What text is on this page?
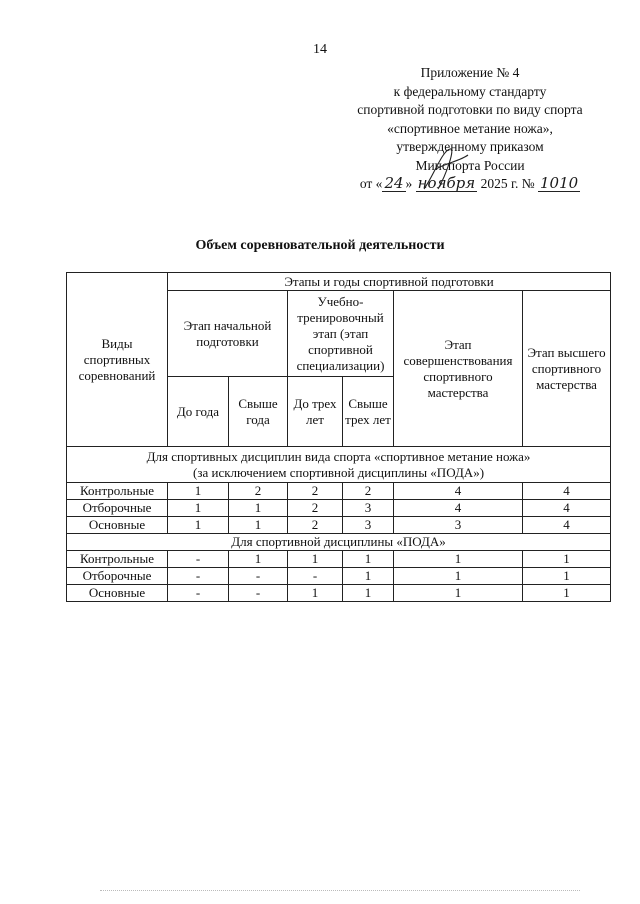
14
Приложение № 4
к федеральному стандарту
спортивной подготовки по виду спорта
«спортивное метание ножа»,
утвержденному приказом
Минспорта России
от « 24 » ноября 2025 г. № 1010
Объем соревновательной деятельности
Виды спортивных соревнований	Этапы и годы спортивной подготовки					
	Этап начальной подготовки		Учебно-тренировочный этап (этап спортивной специализации)		Этап совершенствования спортивного мастерства	Этап высшего спортивного мастерства
	До года	Свыше года	До трех лет	Свыше трех лет		

Для спортивных дисциплин вида спорта «спортивное метание ножа»
(за исключением спортивной дисциплины «ПОДА»)						

Контрольные	1	2	2	2	4	4
Отборочные	1	1	2	3	4	4
Основные	1	1	2	3	3	4
Для спортивной дисциплины «ПОДА»						
Контрольные	-	1	1	1	1	1
Отборочные	-	-	-	1	1	1
Основные	-	-	1	1	1	1
